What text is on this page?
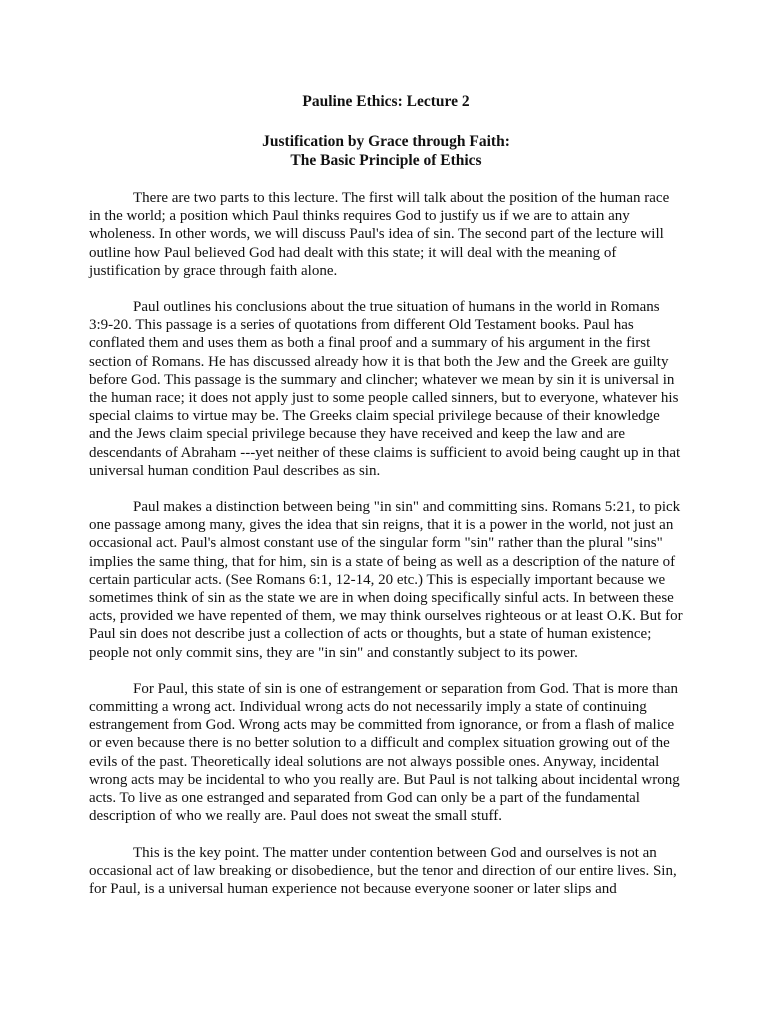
Pauline Ethics: Lecture 2
Justification by Grace through Faith:
The Basic Principle of Ethics

There are two parts to this lecture. The first will talk about the position of the human race in the world; a position which Paul thinks requires God to justify us if we are to attain any wholeness. In other words, we will discuss Paul's idea of sin. The second part of the lecture will outline how Paul believed God had dealt with this state; it will deal with the meaning of justification by grace through faith alone.

Paul outlines his conclusions about the true situation of humans in the world in Romans 3:9-20. This passage is a series of quotations from different Old Testament books. Paul has conflated them and uses them as both a final proof and a summary of his argument in the first section of Romans. He has discussed already how it is that both the Jew and the Greek are guilty before God. This passage is the summary and clincher; whatever we mean by sin it is universal in the human race; it does not apply just to some people called sinners, but to everyone, whatever his special claims to virtue may be. The Greeks claim special privilege because of their knowledge and the Jews claim special privilege because they have received and keep the law and are descendants of Abraham ---yet neither of these claims is sufficient to avoid being caught up in that universal human condition Paul describes as sin.

Paul makes a distinction between being "in sin" and committing sins. Romans 5:21, to pick one passage among many, gives the idea that sin reigns, that it is a power in the world, not just an occasional act. Paul's almost constant use of the singular form "sin" rather than the plural "sins" implies the same thing, that for him, sin is a state of being as well as a description of the nature of certain particular acts. (See Romans 6:1, 12-14, 20 etc.) This is especially important because we sometimes think of sin as the state we are in when doing specifically sinful acts. In between these acts, provided we have repented of them, we may think ourselves righteous or at least O.K. But for Paul sin does not describe just a collection of acts or thoughts, but a state of human existence; people not only commit sins, they are "in sin" and constantly subject to its power.

For Paul, this state of sin is one of estrangement or separation from God. That is more than committing a wrong act. Individual wrong acts do not necessarily imply a state of continuing estrangement from God. Wrong acts may be committed from ignorance, or from a flash of malice or even because there is no better solution to a difficult and complex situation growing out of the evils of the past. Theoretically ideal solutions are not always possible ones. Anyway, incidental wrong acts may be incidental to who you really are. But Paul is not talking about incidental wrong acts. To live as one estranged and separated from God can only be a part of the fundamental description of who we really are. Paul does not sweat the small stuff.

This is the key point. The matter under contention between God and ourselves is not an occasional act of law breaking or disobedience, but the tenor and direction of our entire lives. Sin, for Paul, is a universal human experience not because everyone sooner or later slips and
